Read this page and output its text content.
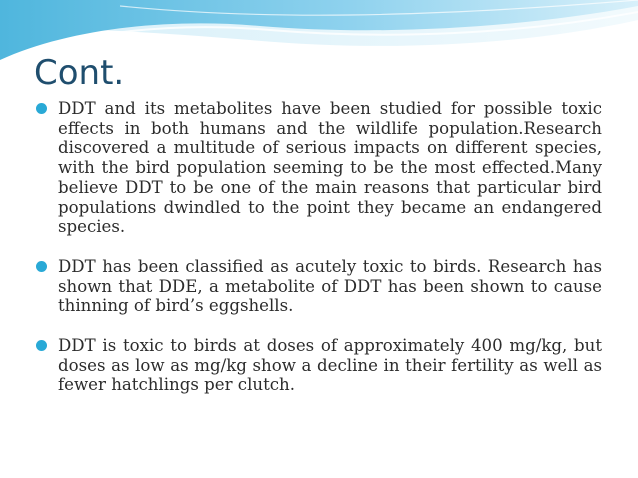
Cont.
DDT and its metabolites have been studied for possible toxic effects in both humans and the wildlife population.Research discovered a multitude of serious impacts on different species, with the bird population seeming to be the most effected.Many believe DDT to be one of the main reasons that particular bird populations dwindled to the point they became an endangered species.
DDT has been classified as acutely toxic to birds. Research has shown that DDE, a metabolite of DDT has been shown to cause thinning of bird’s eggshells.
DDT is toxic to birds at doses of approximately 400 mg/kg, but doses as low as mg/kg show a decline in their fertility as well as fewer hatchlings per clutch.
